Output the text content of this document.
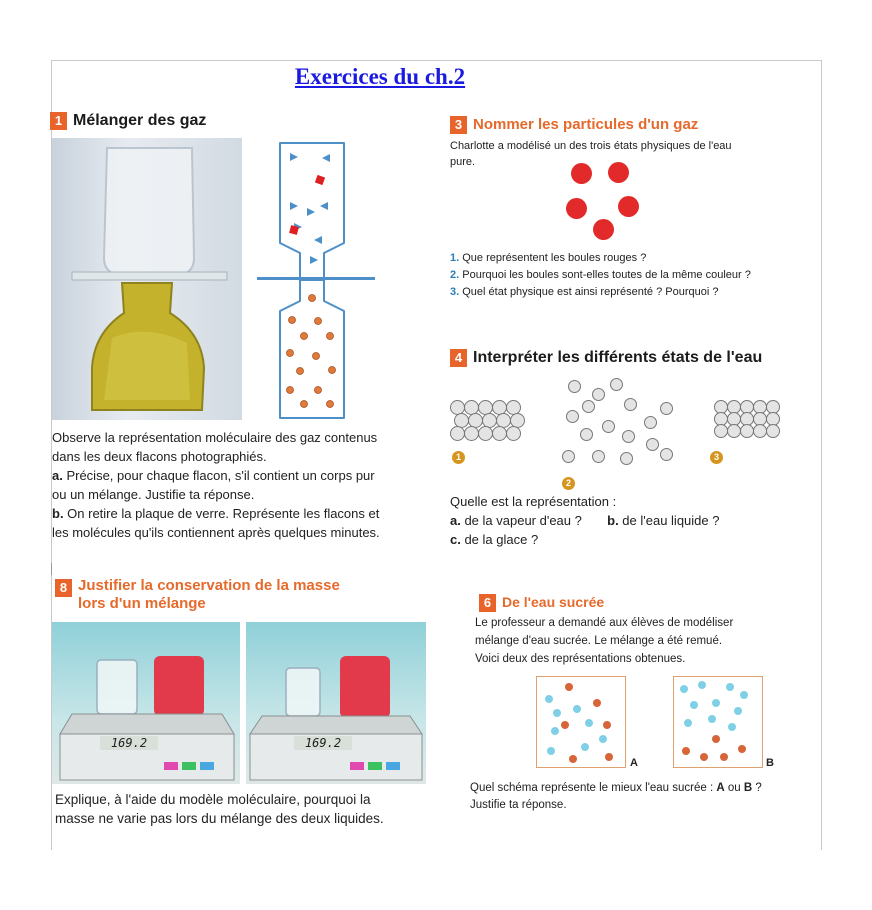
Exercices du ch.2
1 Mélanger des gaz
Observe la représentation moléculaire des gaz contenus
dans les deux flacons photographiés.
a. Précise, pour chaque flacon, s'il contient un corps pur
ou un mélange. Justifie ta réponse.
b. On retire la plaque de verre. Représente les flacons et
les molécules qu'ils contiennent après quelques minutes.
3 Nommer les particules d'un gaz
Charlotte a modélisé un des trois états physiques de l'eau
pure.
1. Que représentent les boules rouges ?
2. Pourquoi les boules sont-elles toutes de la même couleur ?
3. Quel état physique est ainsi représenté ? Pourquoi ?
4 Interpréter les différents états de l'eau
1
2
3
Quelle est la représentation :
a. de la vapeur d'eau ? b. de l'eau liquide ?
c. de la glace ?
8 Justifier la conservation de la masse
lors d'un mélange
169.2	169.2
Explique, à l'aide du modèle moléculaire, pourquoi la
masse ne varie pas lors du mélange des deux liquides.
6 De l'eau sucrée
Le professeur a demandé aux élèves de modéliser
mélange d'eau sucrée. Le mélange a été remué.
Voici deux des représentations obtenues.
A	B
Quel schéma représente le mieux l'eau sucrée : A ou B ?
Justifie ta réponse.
